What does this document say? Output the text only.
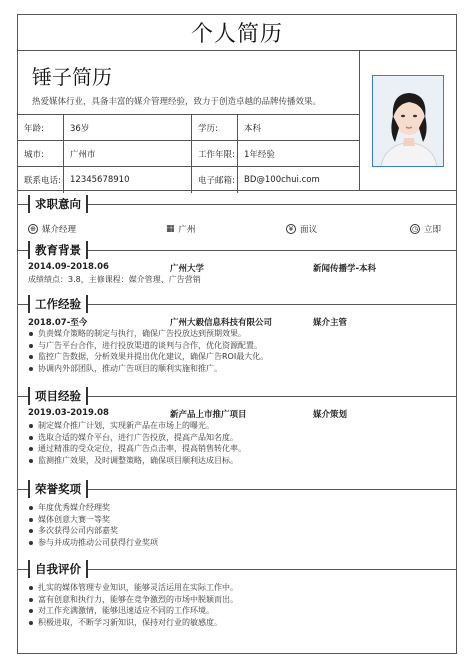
个人简历
锤子简历
热爱媒体行业，具备丰富的媒介管理经验，致力于创造卓越的品牌传播效果。
年龄:	36岁	学历:	本科
城市:	广州市	工作年限:	1年经验
联系电话:	12345678910	电子邮箱:	BD@100chui.com
求职意向
⊕ 媒介经理	▦ 广州	¥ 面议	◷ 立即
教育背景
2014.09-2018.06	广州大学	新闻传播学-本科
成绩绩点：3.8，主修课程：媒介管理、广告营销
工作经验
2018.07-至今	广州大毅信息科技有限公司	媒介主管
负责媒介策略的制定与执行，确保广告投放达到预期效果。
与广告平台合作，进行投放渠道的谈判与合作，优化资源配置。
监控广告数据，分析效果并提出优化建议，确保广告ROI最大化。
协调内外部团队，推动广告项目的顺利实施和推广。
项目经验
2019.03-2019.08	新产品上市推广项目	媒介策划
制定媒介推广计划，实现新产品在市场上的曝光。
选取合适的媒介平台，进行广告投放，提高产品知名度。
通过精准的受众定位，提高广告点击率，提高销售转化率。
监测推广效果，及时调整策略，确保项目顺利达成目标。
荣誉奖项
年度优秀媒介经理奖
媒体创意大赛一等奖
多次获得公司内部嘉奖
参与并成功推动公司获得行业奖项
自我评价
扎实的媒体管理专业知识，能够灵活运用在实际工作中。
富有创意和执行力，能够在竞争激烈的市场中脱颖而出。
对工作充满激情，能够迅速适应不同的工作环境。
积极进取，不断学习新知识，保持对行业的敏感度。
